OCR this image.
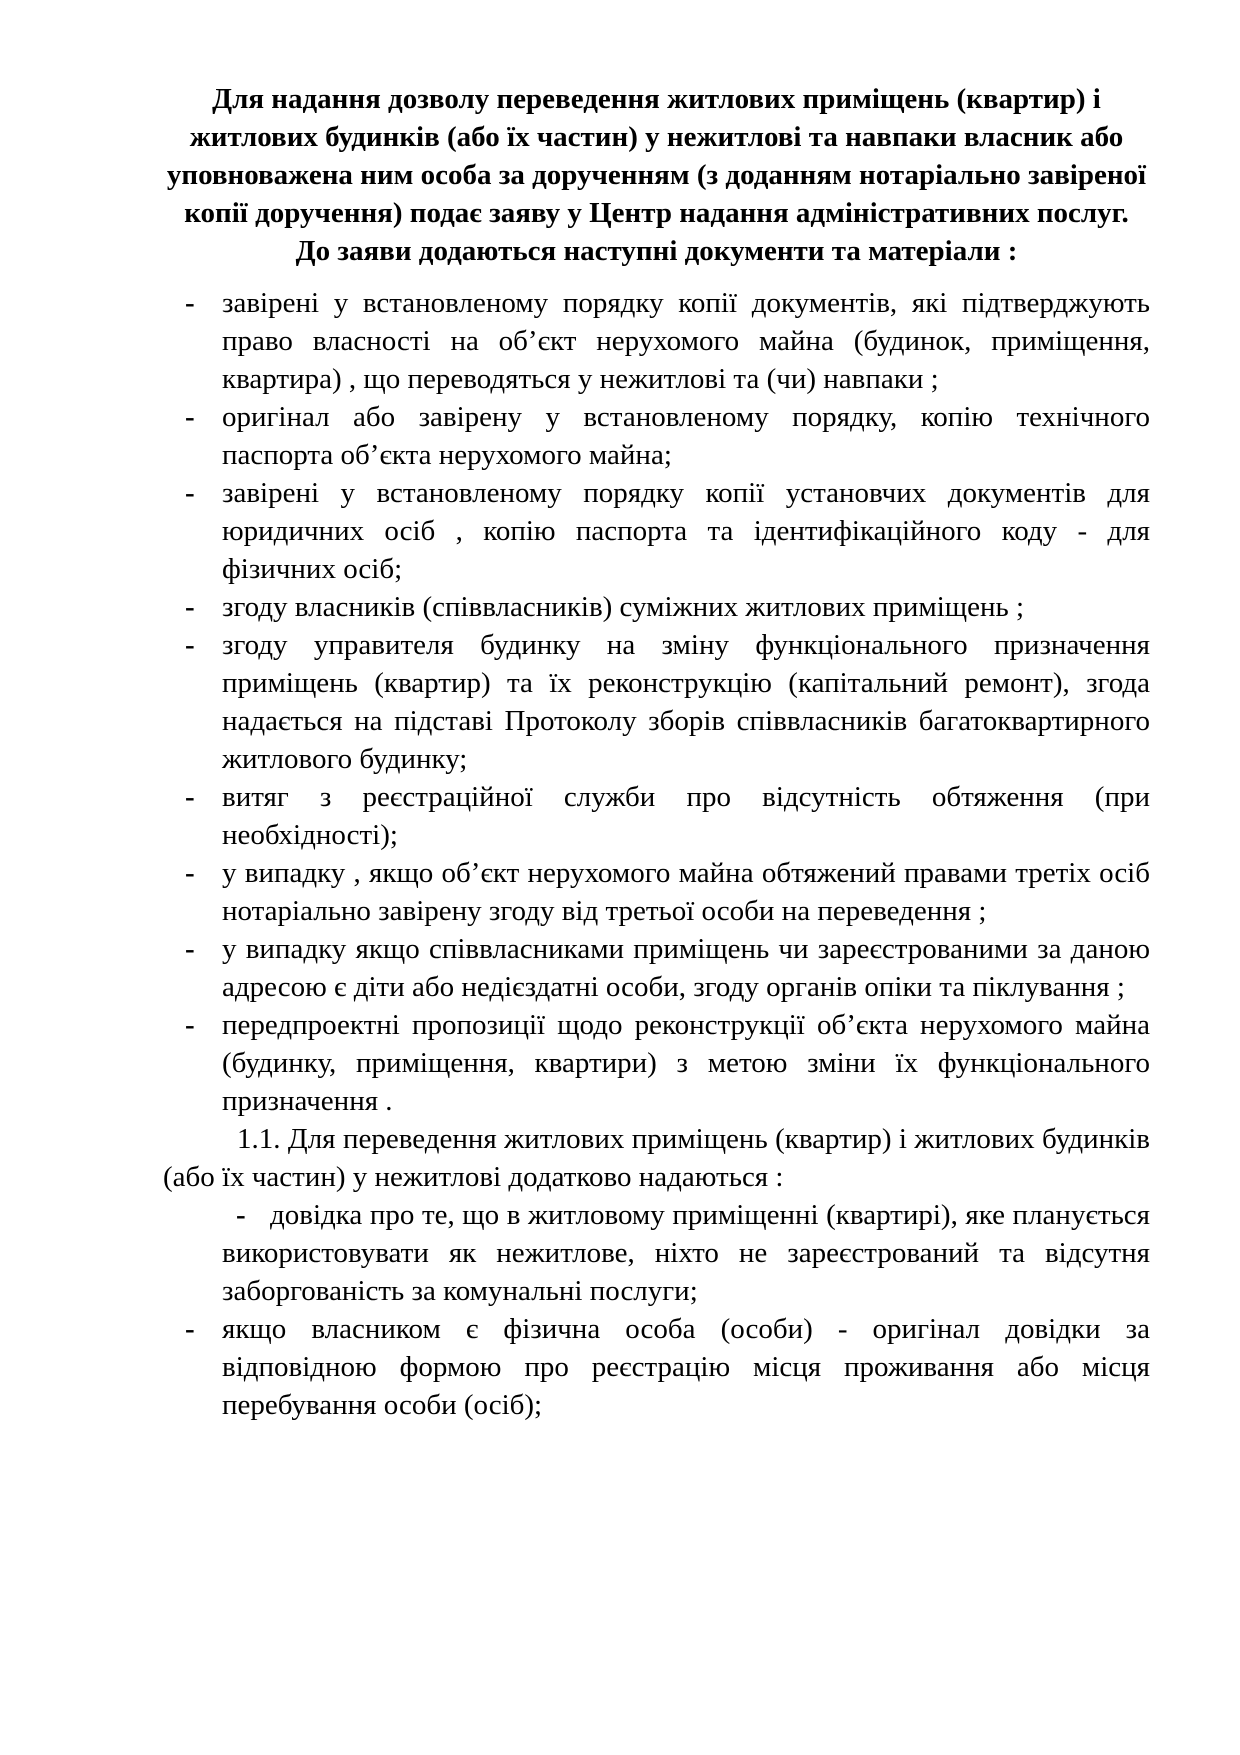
Для надання дозволу переведення житлових приміщень (квартир) і
житлових будинків (або їх частин) у нежитлові та навпаки власник або
уповноважена ним особа за дорученням (з доданням нотаріально завіреної
копії доручення) подає заяву у Центр надання адміністративних послуг.
До заяви додаються наступні документи та матеріали :
- завірені у встановленому порядку копії документів, які підтверджують право власності на об’єкт нерухомого майна (будинок, приміщення, квартира) , що переводяться у нежитлові та (чи) навпаки ;
- оригінал або завірену у встановленому порядку, копію технічного паспорта об’єкта нерухомого майна;
- завірені у встановленому порядку копії установчих документів для юридичних осіб , копію паспорта та ідентифікаційного коду - для фізичних осіб;
- згоду власників (співвласників) суміжних житлових приміщень ;
- згоду управителя будинку на зміну функціонального призначення приміщень (квартир) та їх реконструкцію (капітальний ремонт), згода надається на підставі Протоколу зборів співвласників багатоквартирного житлового будинку;
- витяг з реєстраційної служби про відсутність обтяження (при необхідності);
- у випадку , якщо об’єкт нерухомого майна обтяжений правами третіх осіб нотаріально завірену згоду від третьої особи на переведення ;
- у випадку якщо співвласниками приміщень чи зареєстрованими за даною адресою є діти або недієздатні особи, згоду органів опіки та піклування ;
- передпроектні пропозиції щодо реконструкції об’єкта нерухомого майна (будинку, приміщення, квартири) з метою зміни їх функціонального призначення .
1.1. Для переведення житлових приміщень (квартир) і житлових будинків (або їх частин) у нежитлові додатково надаються :
- довідка про те, що в житловому приміщенні (квартирі), яке планується використовувати як нежитлове, ніхто не зареєстрований та відсутня заборгованість за комунальні послуги;
- якщо власником є фізична особа (особи) - оригінал довідки за відповідною формою про реєстрацію місця проживання або місця перебування особи (осіб);
